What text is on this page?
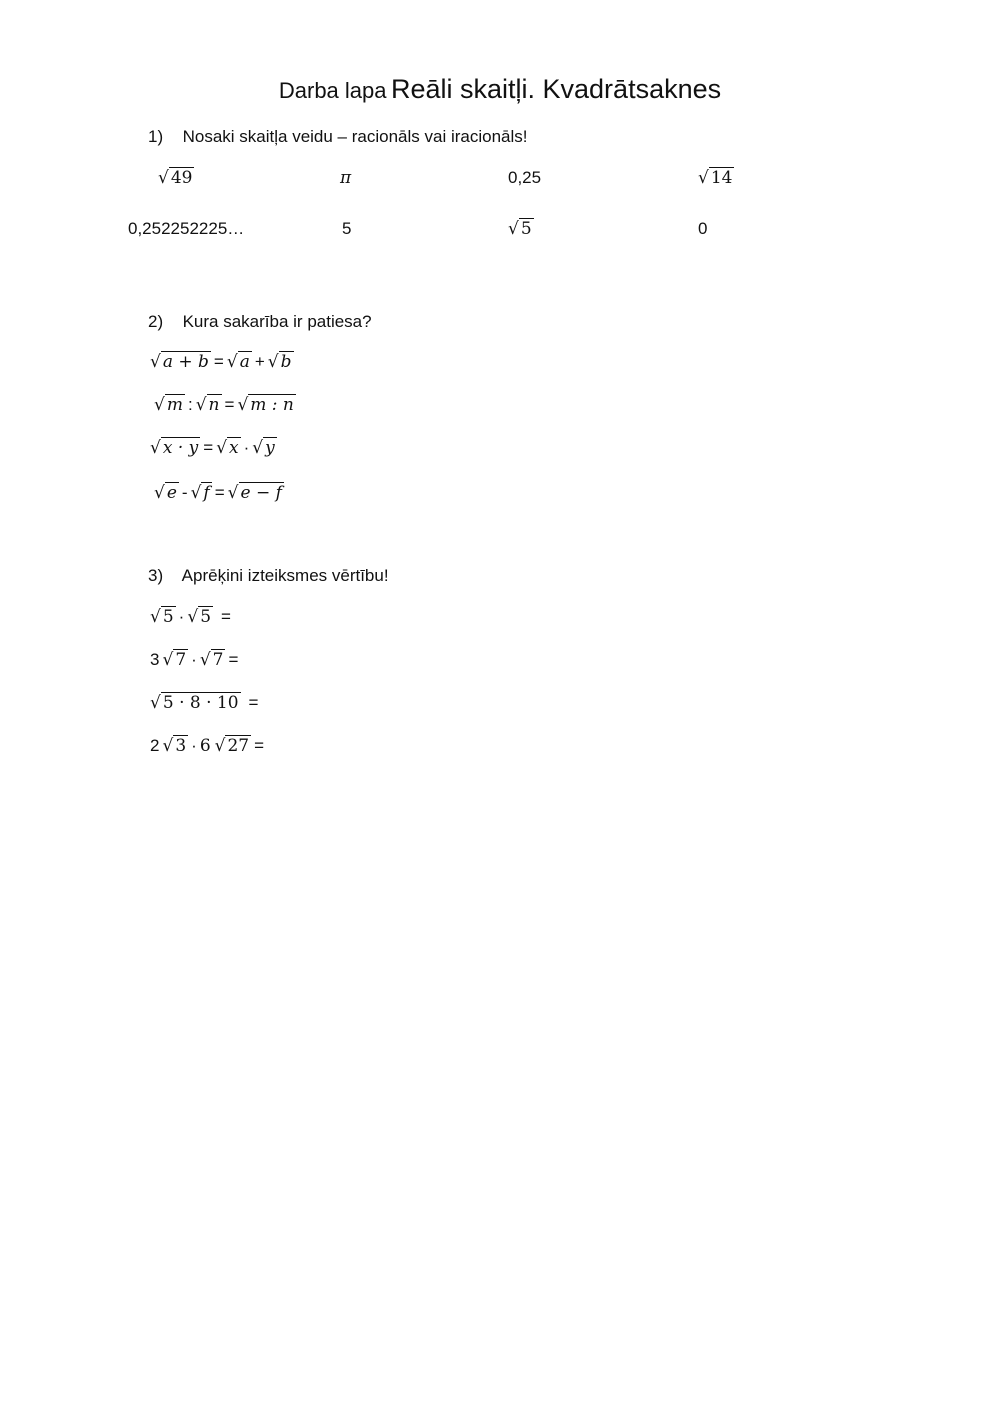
Darba lapa Reāli skaitļi. Kvadrātsaknes
1) Nosaki skaitļa veidu – racionāls vai iracionāls!
√ 49	π	0,25	√ 14
0,252252225…	5	√ 5	0
2) Kura sakarība ir patiesa?
√ a + b = √ a + √ b
√ m : √ n = √ m : n
√ x · y = √ x · √ y
√ e - √ f = √ e − f
3) Aprēķini izteiksmes vērtību!
√ 5 · √ 5 =
3 √ 7 · √ 7 =
√ 5 · 8 · 10 =
2 √ 3 · 6 √ 27 =
